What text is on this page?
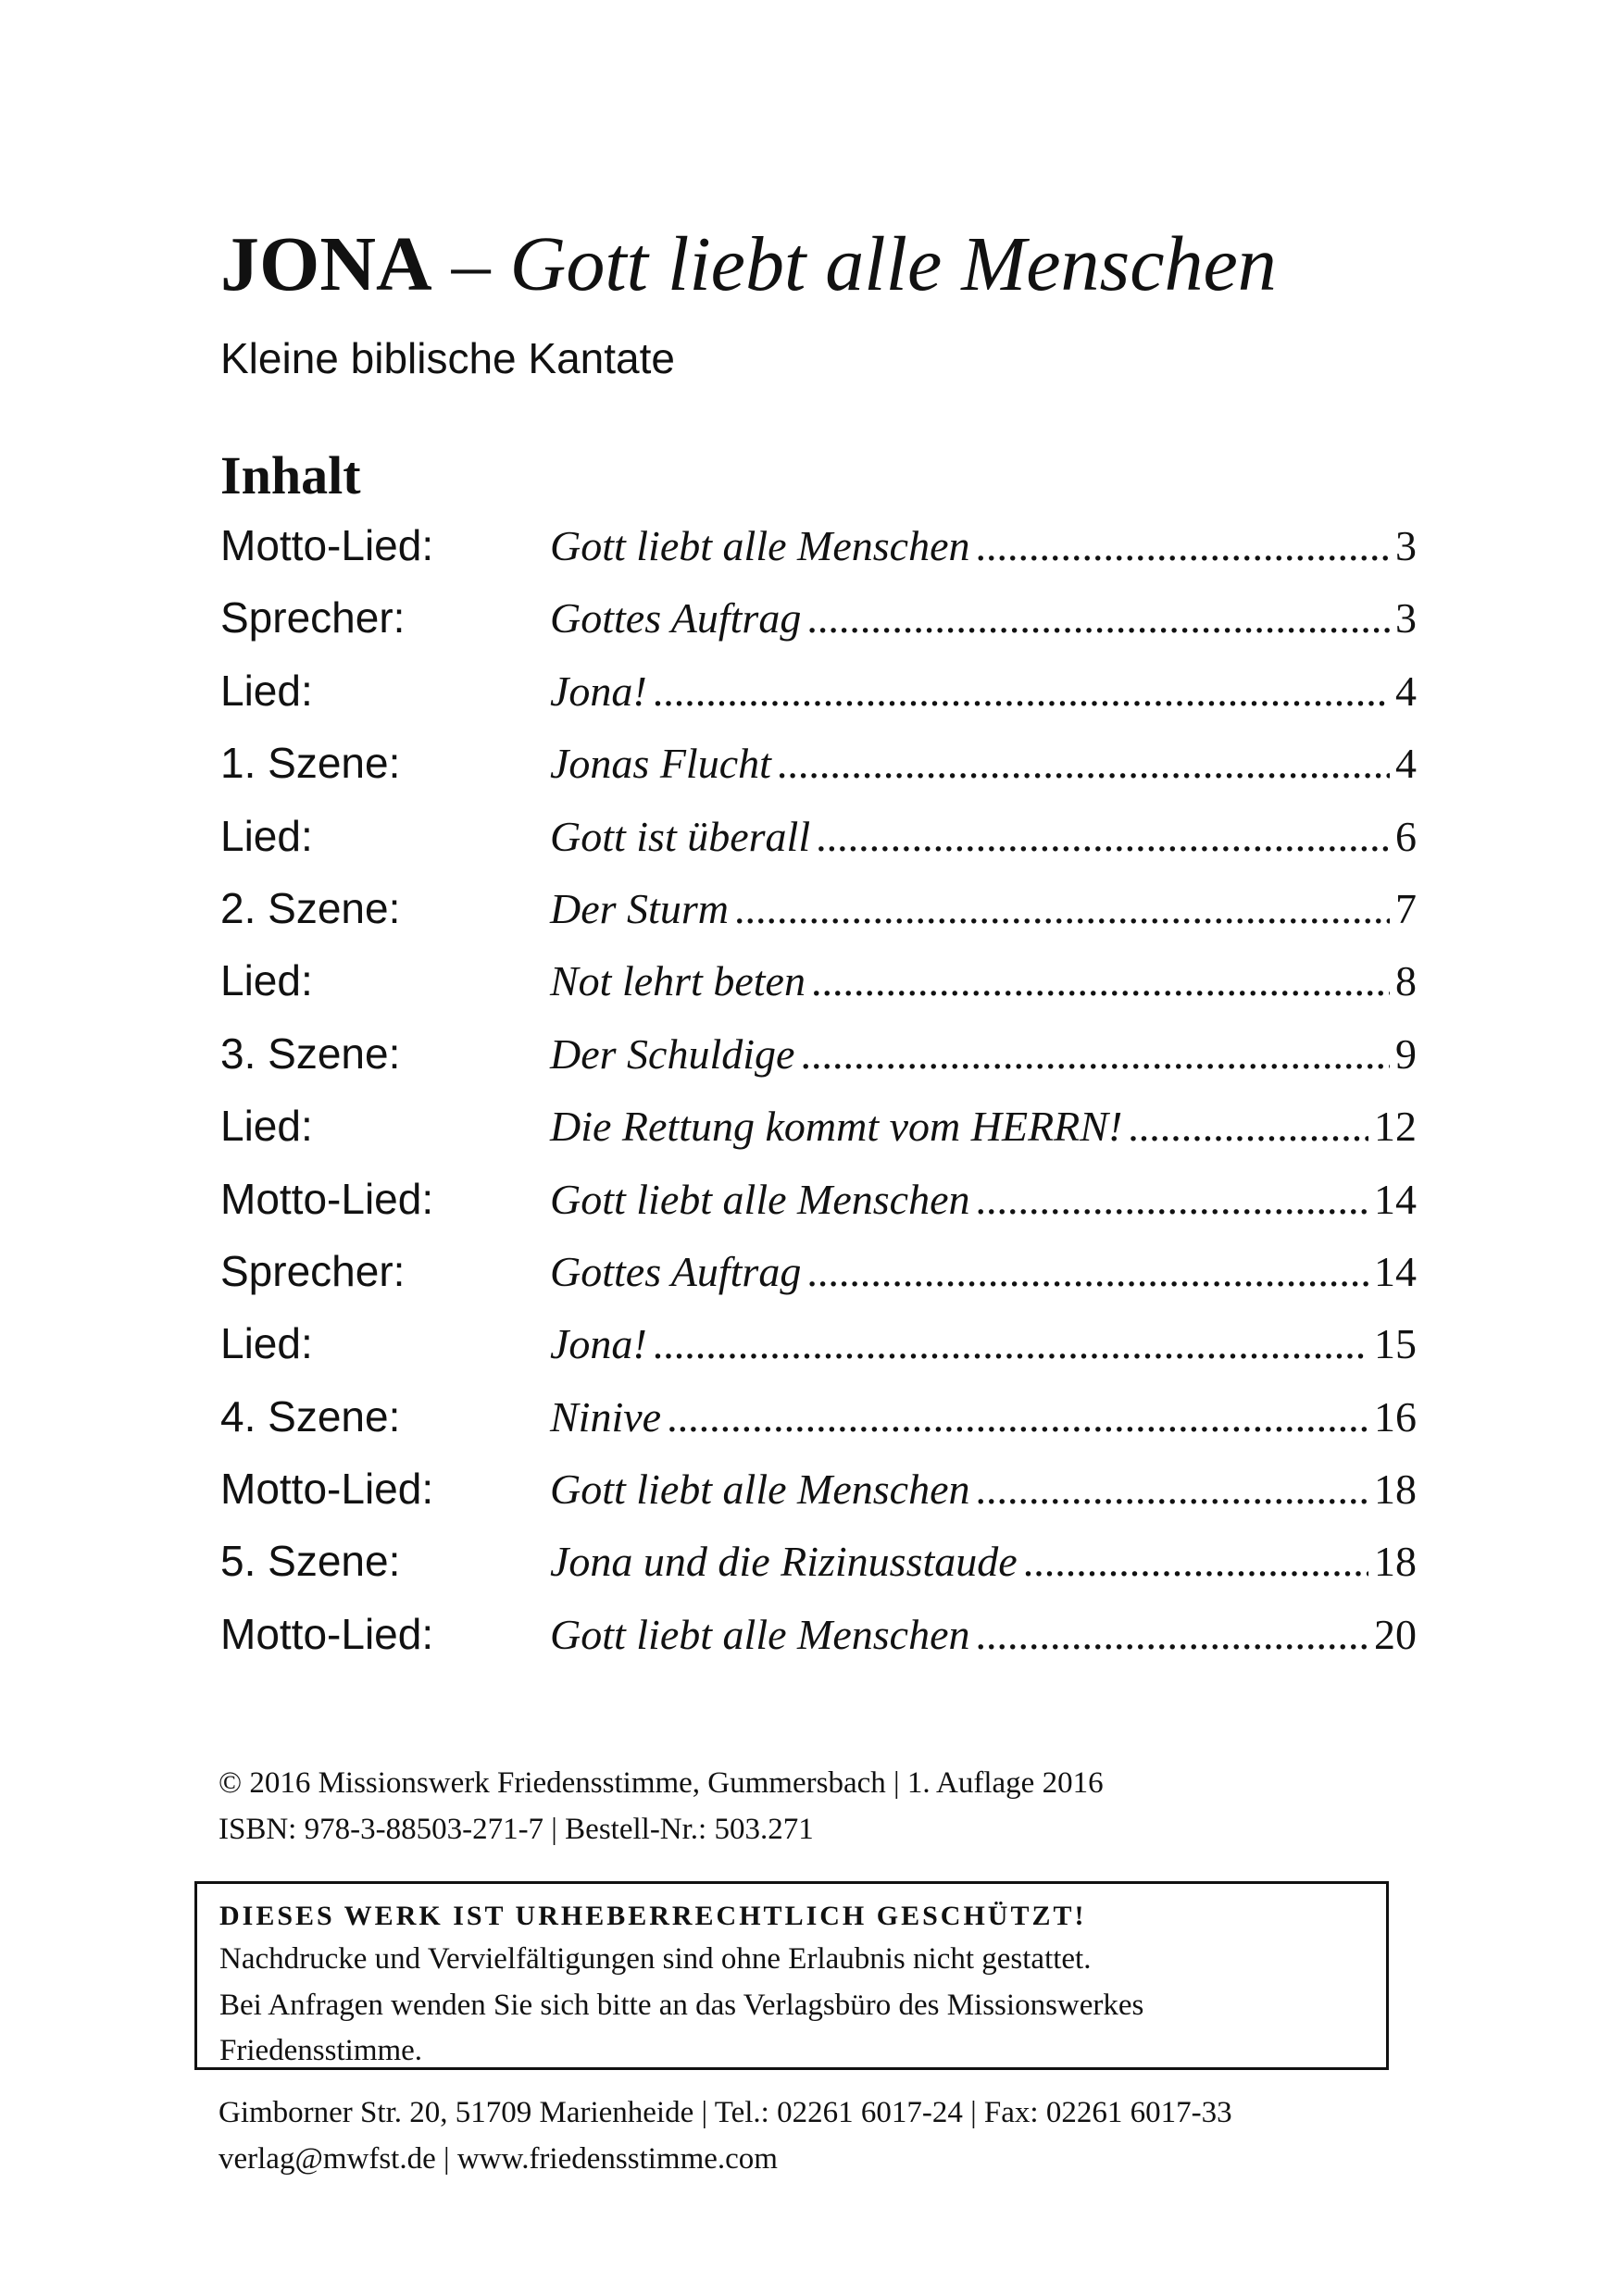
JONA – Gott liebt alle Menschen
Kleine biblische Kantate
Inhalt
Motto-Lied:	Gott liebt alle Menschen .....	3
Sprecher:	Gottes Auftrag .....	3
Lied:	Jona! .....	4
1. Szene:	Jonas Flucht .....	4
Lied:	Gott ist überall .....	6
2. Szene:	Der Sturm .....	7
Lied:	Not lehrt beten .....	8
3. Szene:	Der Schuldige .....	9
Lied:	Die Rettung kommt vom HERRN! .....	12
Motto-Lied:	Gott liebt alle Menschen .....	14
Sprecher:	Gottes Auftrag .....	14
Lied:	Jona! .....	15
4. Szene:	Ninive .....	16
Motto-Lied:	Gott liebt alle Menschen .....	18
5. Szene:	Jona und die Rizinusstaude .....	18
Motto-Lied:	Gott liebt alle Menschen .....	20
© 2016 Missionswerk Friedensstimme, Gummersbach | 1. Auflage 2016
ISBN: 978-3-88503-271-7 | Bestell-Nr.: 503.271
DIESES WERK IST URHEBERRECHTLICH GESCHÜTZT!
Nachdrucke und Vervielfältigungen sind ohne Erlaubnis nicht gestattet.
Bei Anfragen wenden Sie sich bitte an das Verlagsbüro des Missionswerkes
Friedensstimme.
Gimborner Str. 20, 51709 Marienheide | Tel.: 02261 6017-24 | Fax: 02261 6017-33
verlag@mwfst.de | www.friedensstimme.com
